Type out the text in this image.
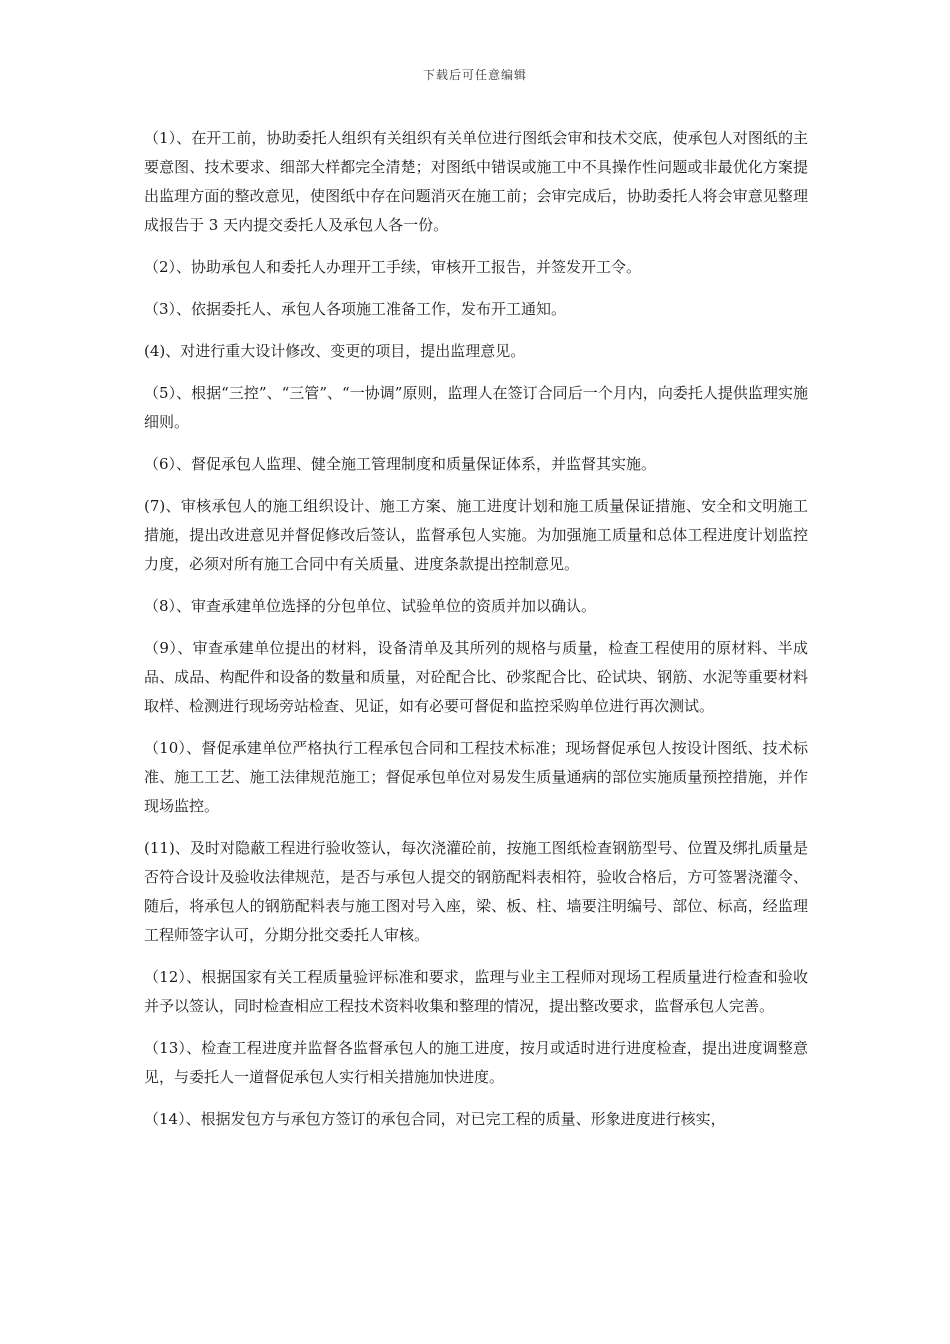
下载后可任意编辑

（1）、在开工前，协助委托人组织有关组织有关单位进行图纸会审和技术交底，使承包人对图纸的主要意图、技术要求、细部大样都完全清楚；对图纸中错误或施工中不具操作性问题或非最优化方案提出监理方面的整改意见，使图纸中存在问题消灭在施工前；会审完成后，协助委托人将会审意见整理成报告于 3 天内提交委托人及承包人各一份。

（2）、协助承包人和委托人办理开工手续，审核开工报告，并签发开工令。

（3）、依据委托人、承包人各项施工准备工作，发布开工通知。

(4)、对进行重大设计修改、变更的项目，提出监理意见。

（5）、根据“三控”、“三管”、“一协调”原则，监理人在签订合同后一个月内，向委托人提供监理实施细则。

（6）、督促承包人监理、健全施工管理制度和质量保证体系，并监督其实施。

(7)、审核承包人的施工组织设计、施工方案、施工进度计划和施工质量保证措施、安全和文明施工措施，提出改进意见并督促修改后签认，监督承包人实施。为加强施工质量和总体工程进度计划监控力度，必须对所有施工合同中有关质量、进度条款提出控制意见。

（8）、审查承建单位选择的分包单位、试验单位的资质并加以确认。

（9）、审查承建单位提出的材料，设备清单及其所列的规格与质量，检查工程使用的原材料、半成品、成品、构配件和设备的数量和质量，对砼配合比、砂浆配合比、砼试块、钢筋、水泥等重要材料取样、检测进行现场旁站检查、见证，如有必要可督促和监控采购单位进行再次测试。

（10）、督促承建单位严格执行工程承包合同和工程技术标准；现场督促承包人按设计图纸、技术标准、施工工艺、施工法律规范施工；督促承包单位对易发生质量通病的部位实施质量预控措施，并作现场监控。

(11)、及时对隐蔽工程进行验收签认，每次浇灌砼前，按施工图纸检查钢筋型号、位置及绑扎质量是否符合设计及验收法律规范，是否与承包人提交的钢筋配料表相符，验收合格后，方可签署浇灌令、随后，将承包人的钢筋配料表与施工图对号入座，梁、板、柱、墙要注明编号、部位、标高，经监理工程师签字认可，分期分批交委托人审核。

（12）、根据国家有关工程质量验评标准和要求，监理与业主工程师对现场工程质量进行检查和验收并予以签认，同时检查相应工程技术资料收集和整理的情况，提出整改要求，监督承包人完善。

（13）、检查工程进度并监督各监督承包人的施工进度，按月或适时进行进度检查，提出进度调整意见，与委托人一道督促承包人实行相关措施加快进度。

（14）、根据发包方与承包方签订的承包合同，对已完工程的质量、形象进度进行核实，
